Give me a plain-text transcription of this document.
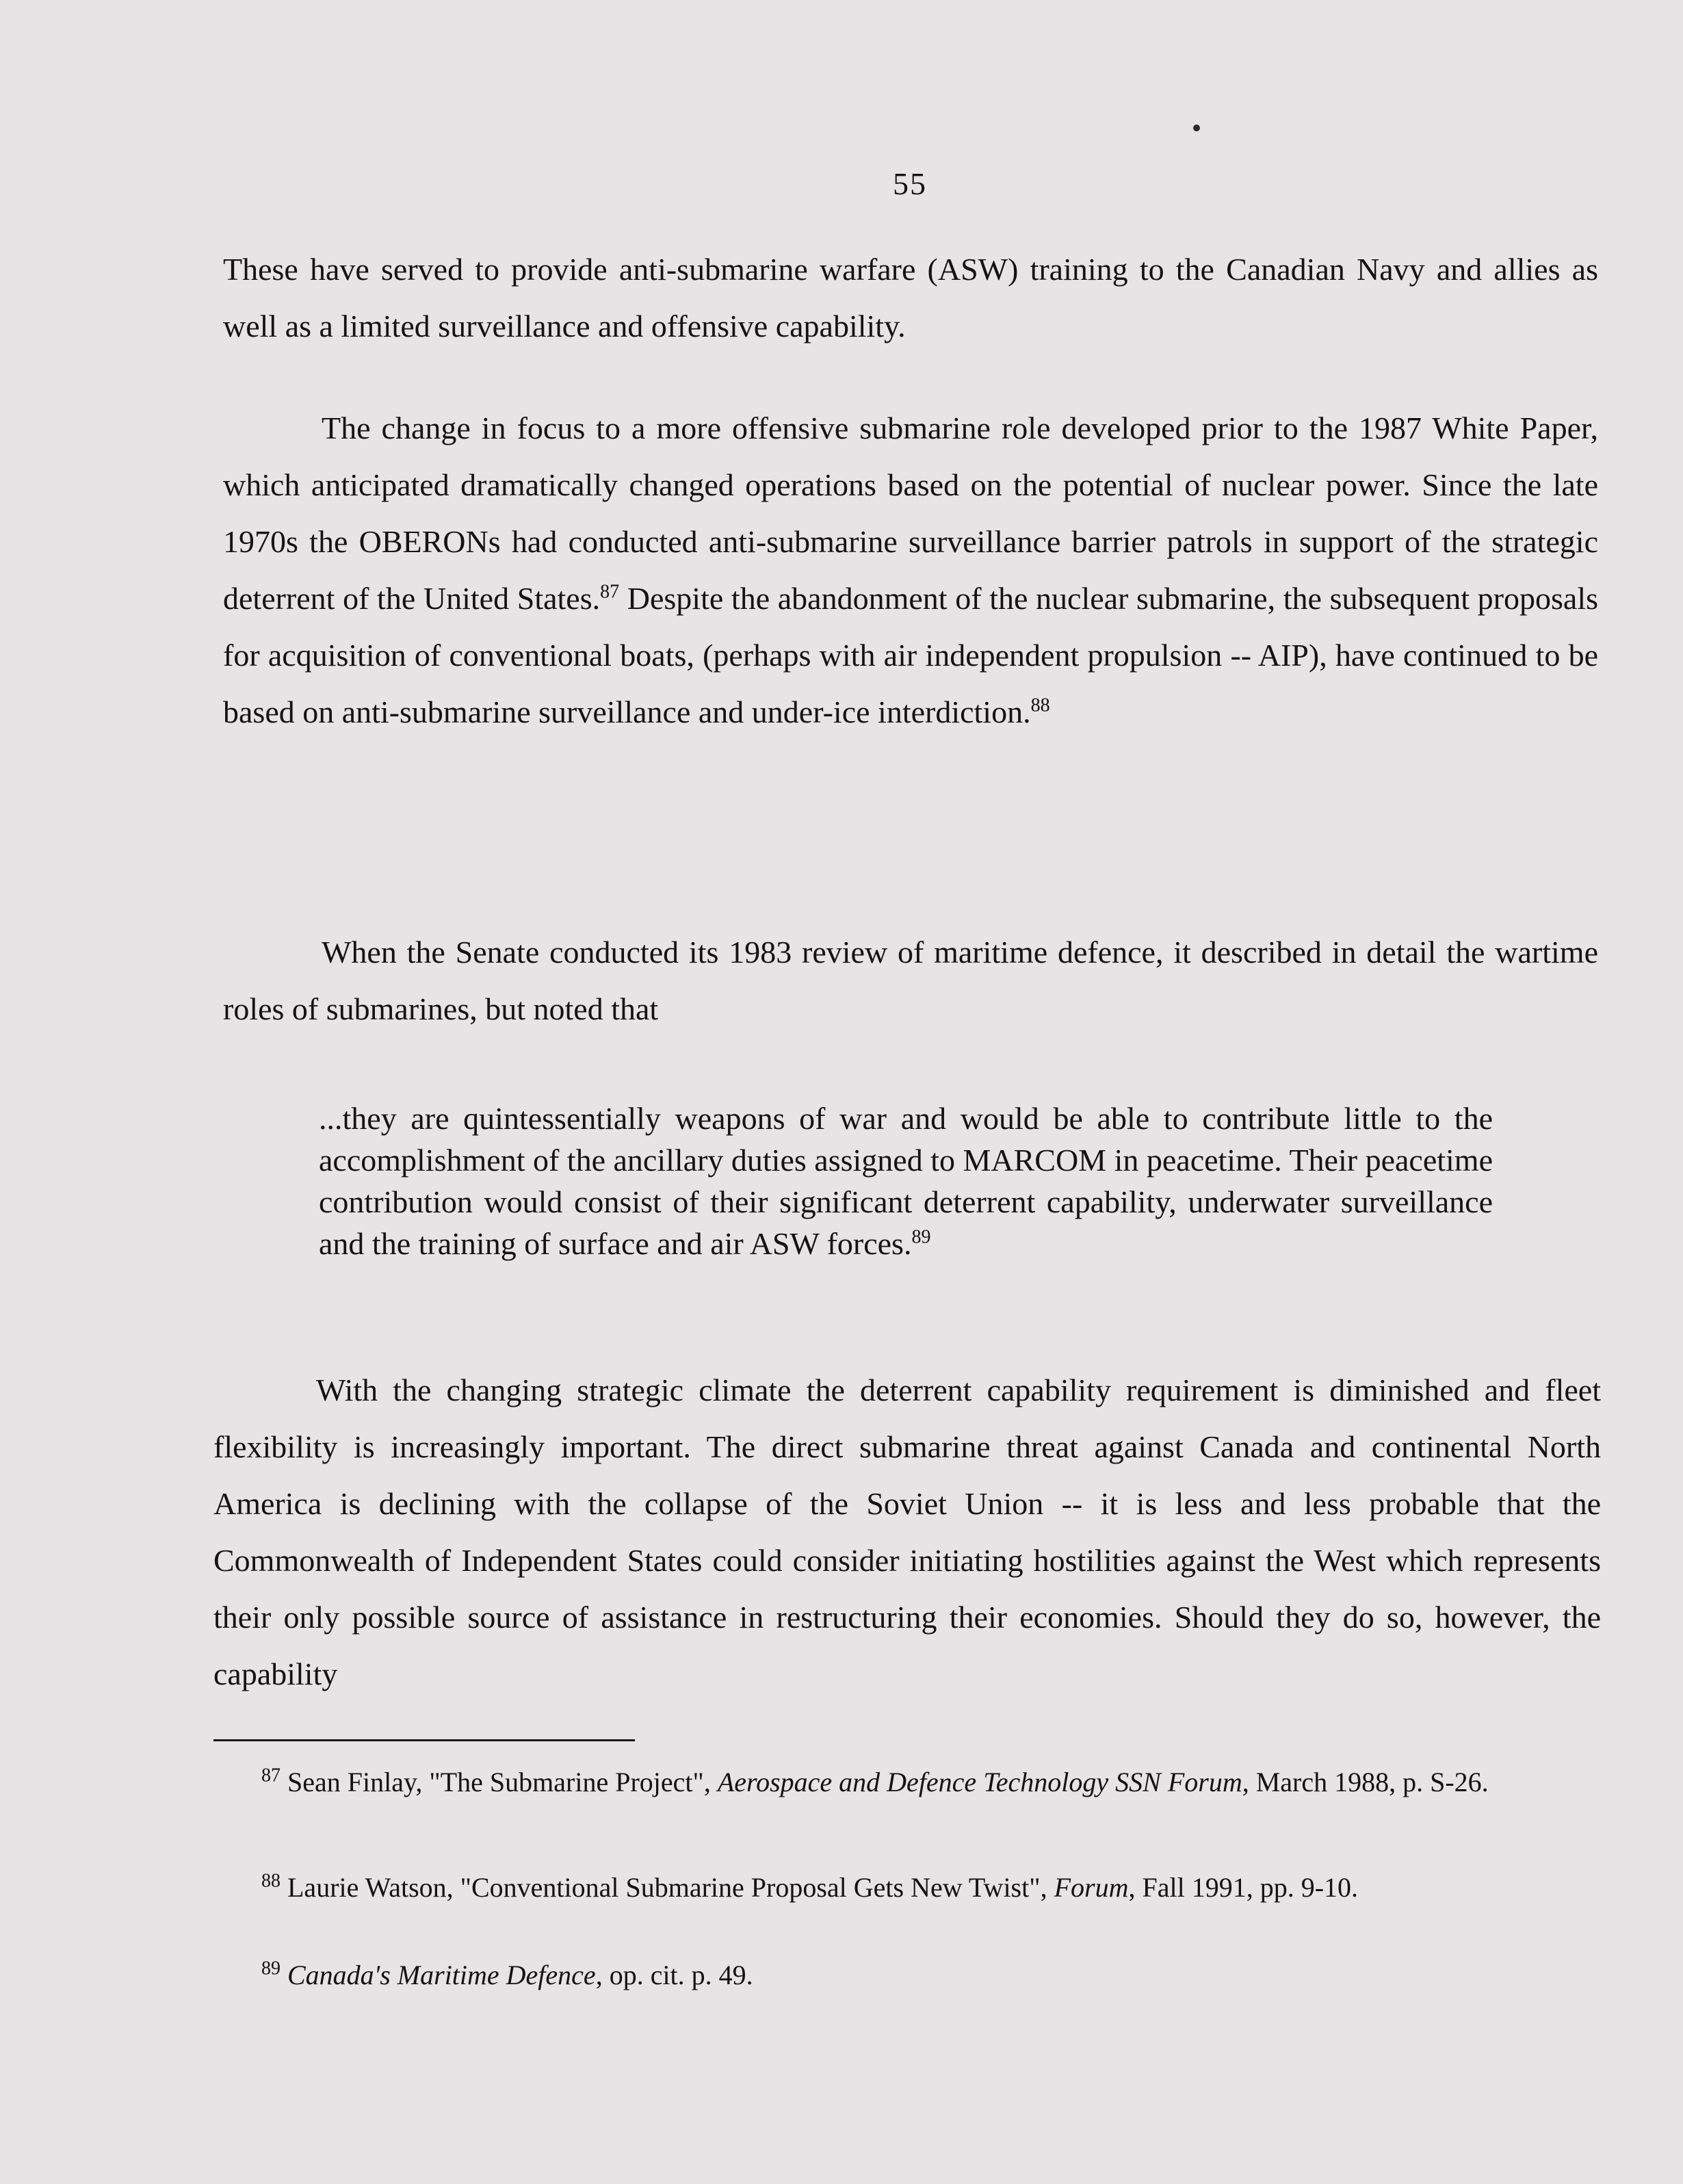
55
These have served to provide anti-submarine warfare (ASW) training to the Canadian Navy and allies as well as a limited surveillance and offensive capability.
The change in focus to a more offensive submarine role developed prior to the 1987 White Paper, which anticipated dramatically changed operations based on the potential of nuclear power. Since the late 1970s the OBERONs had conducted anti-submarine surveillance barrier patrols in support of the strategic deterrent of the United States.$^{87}$ Despite the abandonment of the nuclear submarine, the subsequent proposals for acquisition of conventional boats, (perhaps with air independent propulsion -- AIP), have continued to be based on anti-submarine surveillance and under-ice interdiction.$^{88}$
When the Senate conducted its 1983 review of maritime defence, it described in detail the wartime roles of submarines, but noted that
...they are quintessentially weapons of war and would be able to contribute little to the accomplishment of the ancillary duties assigned to MARCOM in peacetime. Their peacetime contribution would consist of their significant deterrent capability, underwater surveillance and the training of surface and air ASW forces.$^{89}$
With the changing strategic climate the deterrent capability requirement is diminished and fleet flexibility is increasingly important. The direct submarine threat against Canada and continental North America is declining with the collapse of the Soviet Union -- it is less and less probable that the Commonwealth of Independent States could consider initiating hostilities against the West which represents their only possible source of assistance in restructuring their economies. Should they do so, however, the capability

$^{87}$ Sean Finlay, "The Submarine Project", Aerospace and Defence Technology SSN Forum, March 1988, p. S-26.

$^{88}$ Laurie Watson, "Conventional Submarine Proposal Gets New Twist", Forum, Fall 1991, pp. 9-10.

$^{89}$ Canada's Maritime Defence, op. cit. p. 49.
